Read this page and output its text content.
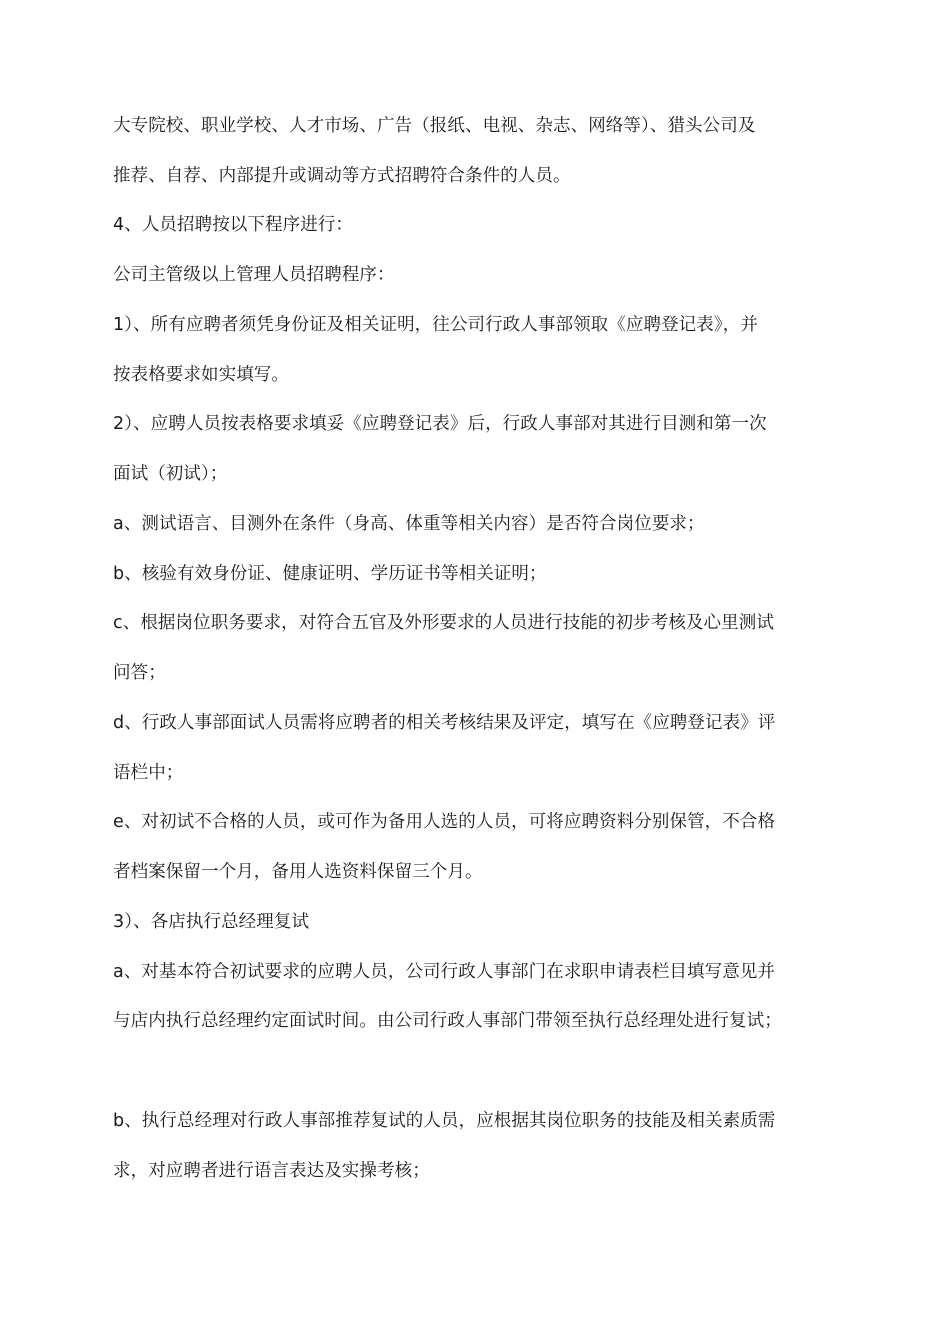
大专院校、职业学校、人才市场、广告（报纸、电视、杂志、网络等）、猎头公司及
推荐、自荐、内部提升或调动等方式招聘符合条件的人员。
4、人员招聘按以下程序进行：
公司主管级以上管理人员招聘程序：
1）、所有应聘者须凭身份证及相关证明，往公司行政人事部领取《应聘登记表》，并
按表格要求如实填写。
2）、应聘人员按表格要求填妥《应聘登记表》后，行政人事部对其进行目测和第一次
面试（初试）；
a、测试语言、目测外在条件（身高、体重等相关内容）是否符合岗位要求；
b、核验有效身份证、健康证明、学历证书等相关证明；
c、根据岗位职务要求，对符合五官及外形要求的人员进行技能的初步考核及心里测试
问答；
d、行政人事部面试人员需将应聘者的相关考核结果及评定，填写在《应聘登记表》评
语栏中；
e、对初试不合格的人员，或可作为备用人选的人员，可将应聘资料分别保管，不合格
者档案保留一个月，备用人选资料保留三个月。
3）、各店执行总经理复试
a、对基本符合初试要求的应聘人员，公司行政人事部门在求职申请表栏目填写意见并
与店内执行总经理约定面试时间。由公司行政人事部门带领至执行总经理处进行复试；
b、执行总经理对行政人事部推荐复试的人员，应根据其岗位职务的技能及相关素质需
求，对应聘者进行语言表达及实操考核；
